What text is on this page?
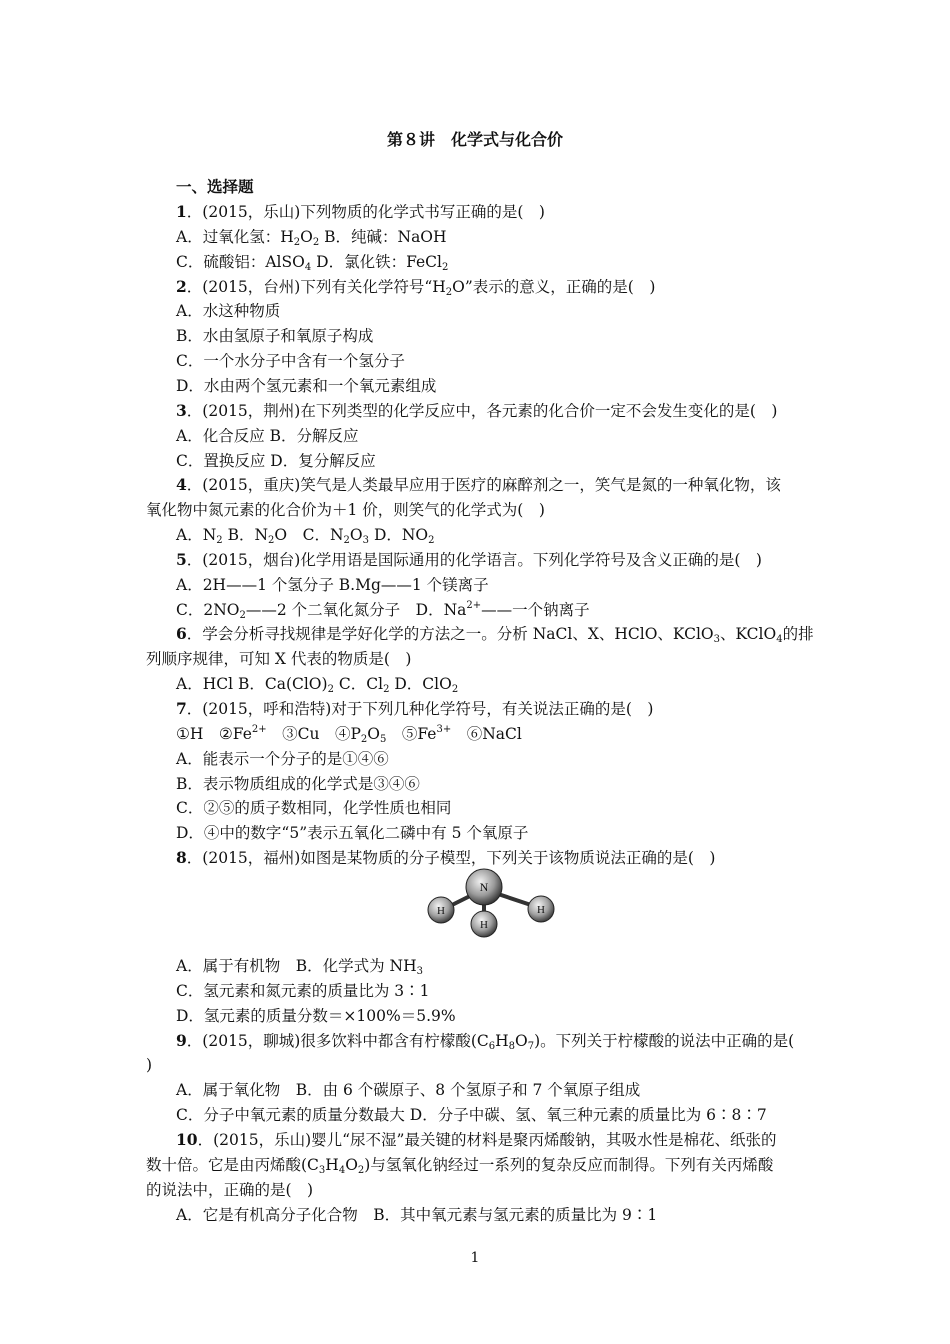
第８讲　化学式与化合价
一、选择题
1．(2015，乐山)下列物质的化学式书写正确的是(　)
A．过氧化氢：$H_2O_2$ B．纯碱：NaOH
C．硫酸铝：AlSO$_4$ D．氯化铁：FeCl$_2$
2．(2015，台州)下列有关化学符号“$H_2O$”表示的意义，正确的是(　)
A．水这种物质
B．水由氢原子和氧原子构成
C．一个水分子中含有一个氢分子
D．水由两个氢元素和一个氧元素组成
3．(2015，荆州)在下列类型的化学反应中，各元素的化合价一定不会发生变化的是(　)
A．化合反应 B．分解反应
C．置换反应 D．复分解反应
4．(2015，重庆)笑气是人类最早应用于医疗的麻醉剂之一，笑气是氮的一种氧化物，该
氧化物中氮元素的化合价为＋1 价，则笑气的化学式为(　)
A．$N_2$ B．$N_2O$　C．$N_2O_3$ D．$NO_2$
5．(2015，烟台)化学用语是国际通用的化学语言。下列化学符号及含义正确的是(　)
A．2H——1 个氢分子 B.Mg——1 个镁离子
C．$2NO_2——2$ 个二氧化氮分子　D．$Na^{2+}——$一个钠离子
6．学会分析寻找规律是学好化学的方法之一。分析 NaCl、X、HClO、KClO$_3$、KClO$_4$的排
列顺序规律，可知 X 代表的物质是(　)
A．HCl B．$Ca(ClO)_2$ C．$Cl_2$ D．ClO$_2$
7．(2015，呼和浩特)对于下列几种化学符号，有关说法正确的是(　)
①H　$②Fe^{2+}$　③Cu　$④P_2O_5$　$⑤Fe^{3+}$　⑥NaCl
A．能表示一个分子的是①④⑥
B．表示物质组成的化学式是③④⑥
C．②⑤的质子数相同，化学性质也相同
D．④中的数字“5”表示五氧化二磷中有 5 个氧原子
8．(2015，福州)如图是某物质的分子模型，下列关于该物质说法正确的是(　)
A．属于有机物　B．化学式为 $NH_3$
C．氢元素和氮元素的质量比为 3∶1
D．氢元素的质量分数＝×100%＝5.9%
9．(2015，聊城)很多饮料中都含有柠檬酸$(C_6H_8O_7)$。下列关于柠檬酸的说法中正确的是(
)
A．属于氧化物　B．由 6 个碳原子、8 个氢原子和 7 个氧原子组成
C．分子中氧元素的质量分数最大 D．分子中碳、氢、氧三种元素的质量比为 6∶8∶7
10．(2015，乐山)婴儿“尿不湿”最关键的材料是聚丙烯酸钠，其吸水性是棉花、纸张的
数十倍。它是由丙烯酸$(C_3H_4O_2)$与氢氧化钠经过一系列的复杂反应而制得。下列有关丙烯酸
的说法中，正确的是(　)
A．它是有机高分子化合物　B．其中氧元素与氢元素的质量比为 9∶1
N
H	H
H
1
